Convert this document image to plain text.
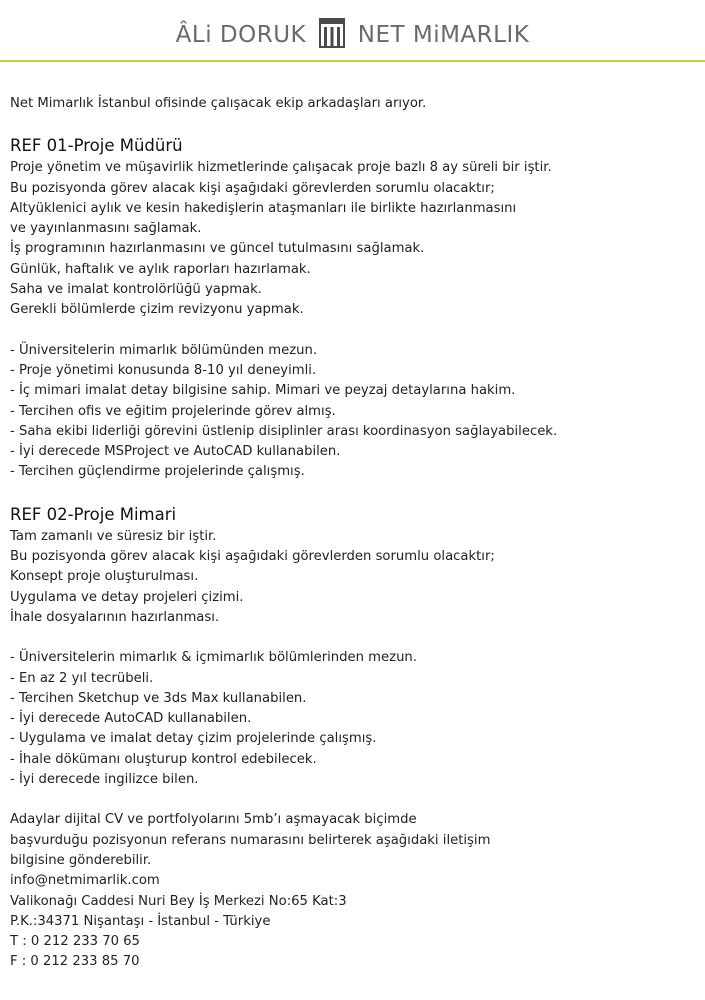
ÂLi DORUK NET MiMARLIK

Net Mimarlık İstanbul ofisinde çalışacak ekip arkadaşları arıyor.

REF 01-Proje Müdürü

Proje yönetim ve müşavirlik hizmetlerinde çalışacak proje bazlı 8 ay süreli bir iştir.
Bu pozisyonda görev alacak kişi aşağıdaki görevlerden sorumlu olacaktır;
Altyüklenici aylık ve kesin hakedişlerin ataşmanları ile birlikte hazırlanmasını
ve yayınlanmasını sağlamak.
İş programının hazırlanmasını ve güncel tutulmasını sağlamak.
Günlük, haftalık ve aylık raporları hazırlamak.
Saha ve imalat kontrolörlüğü yapmak.
Gerekli bölümlerde çizim revizyonu yapmak.
- Üniversitelerin mimarlık bölümünden mezun.
- Proje yönetimi konusunda 8-10 yıl deneyimli.
- İç mimari imalat detay bilgisine sahip. Mimari ve peyzaj detaylarına hakim.
- Tercihen ofis ve eğitim projelerinde görev almış.
- Saha ekibi liderliği görevini üstlenip disiplinler arası koordinasyon sağlayabilecek.
- İyi derecede MSProject ve AutoCAD kullanabilen.
- Tercihen güçlendirme projelerinde çalışmış.

REF 02-Proje Mimari

Tam zamanlı ve süresiz bir iştir.
Bu pozisyonda görev alacak kişi aşağıdaki görevlerden sorumlu olacaktır;
Konsept proje oluşturulması.
Uygulama ve detay projeleri çizimi.
İhale dosyalarının hazırlanması.
- Üniversitelerin mimarlık & içmimarlık bölümlerinden mezun.
- En az 2 yıl tecrübeli.
- Tercihen Sketchup ve 3ds Max kullanabilen.
- İyi derecede AutoCAD kullanabilen.
- Uygulama ve imalat detay çizim projelerinde çalışmış.
- İhale dökümanı oluşturup kontrol edebilecek.
- İyi derecede ingilizce bilen.
Adaylar dijital CV ve portfolyolarını 5mb’ı aşmayacak biçimde
başvurduğu pozisyonun referans numarasını belirterek aşağıdaki iletişim
bilgisine gönderebilir.
info@netmimarlik.com
Valikonağı Caddesi Nuri Bey İş Merkezi No:65 Kat:3
P.K.:34371 Nişantaşı - İstanbul - Türkiye
T : 0 212 233 70 65
F : 0 212 233 85 70
